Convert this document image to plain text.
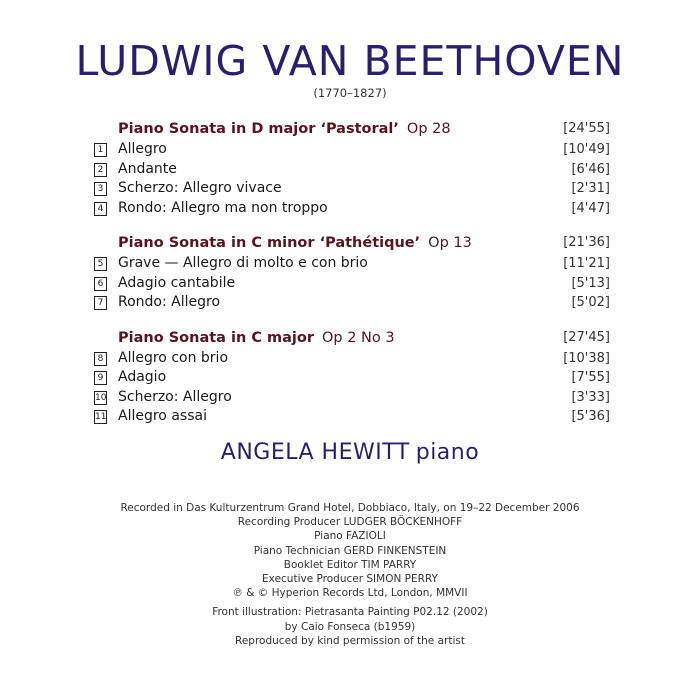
LUDWIG VAN BEETHOVEN
(1770–1827)
Piano Sonata in D major ‘Pastoral’ Op 28	[24'55]
1 Allegro	[10'49]
2 Andante	[6'46]
3 Scherzo: Allegro vivace	[2'31]
4 Rondo: Allegro ma non troppo	[4'47]
Piano Sonata in C minor ‘Pathétique’ Op 13	[21'36]
5 Grave — Allegro di molto e con brio	[11'21]
6 Adagio cantabile	[5'13]
7 Rondo: Allegro	[5'02]
Piano Sonata in C major Op 2 No 3	[27'45]
8 Allegro con brio	[10'38]
9 Adagio	[7'55]
10 Scherzo: Allegro	[3'33]
11 Allegro assai	[5'36]
ANGELA HEWITT piano
Recorded in Das Kulturzentrum Grand Hotel, Dobbiaco, Italy, on 19–22 December 2006
Recording Producer LUDGER BÖCKENHOFF
Piano FAZIOLI
Piano Technician GERD FINKENSTEIN
Booklet Editor TIM PARRY
Executive Producer SIMON PERRY
℗ & © Hyperion Records Ltd, London, MMVII
Front illustration: Pietrasanta Painting P02.12 (2002)
by Caio Fonseca (b1959)
Reproduced by kind permission of the artist
